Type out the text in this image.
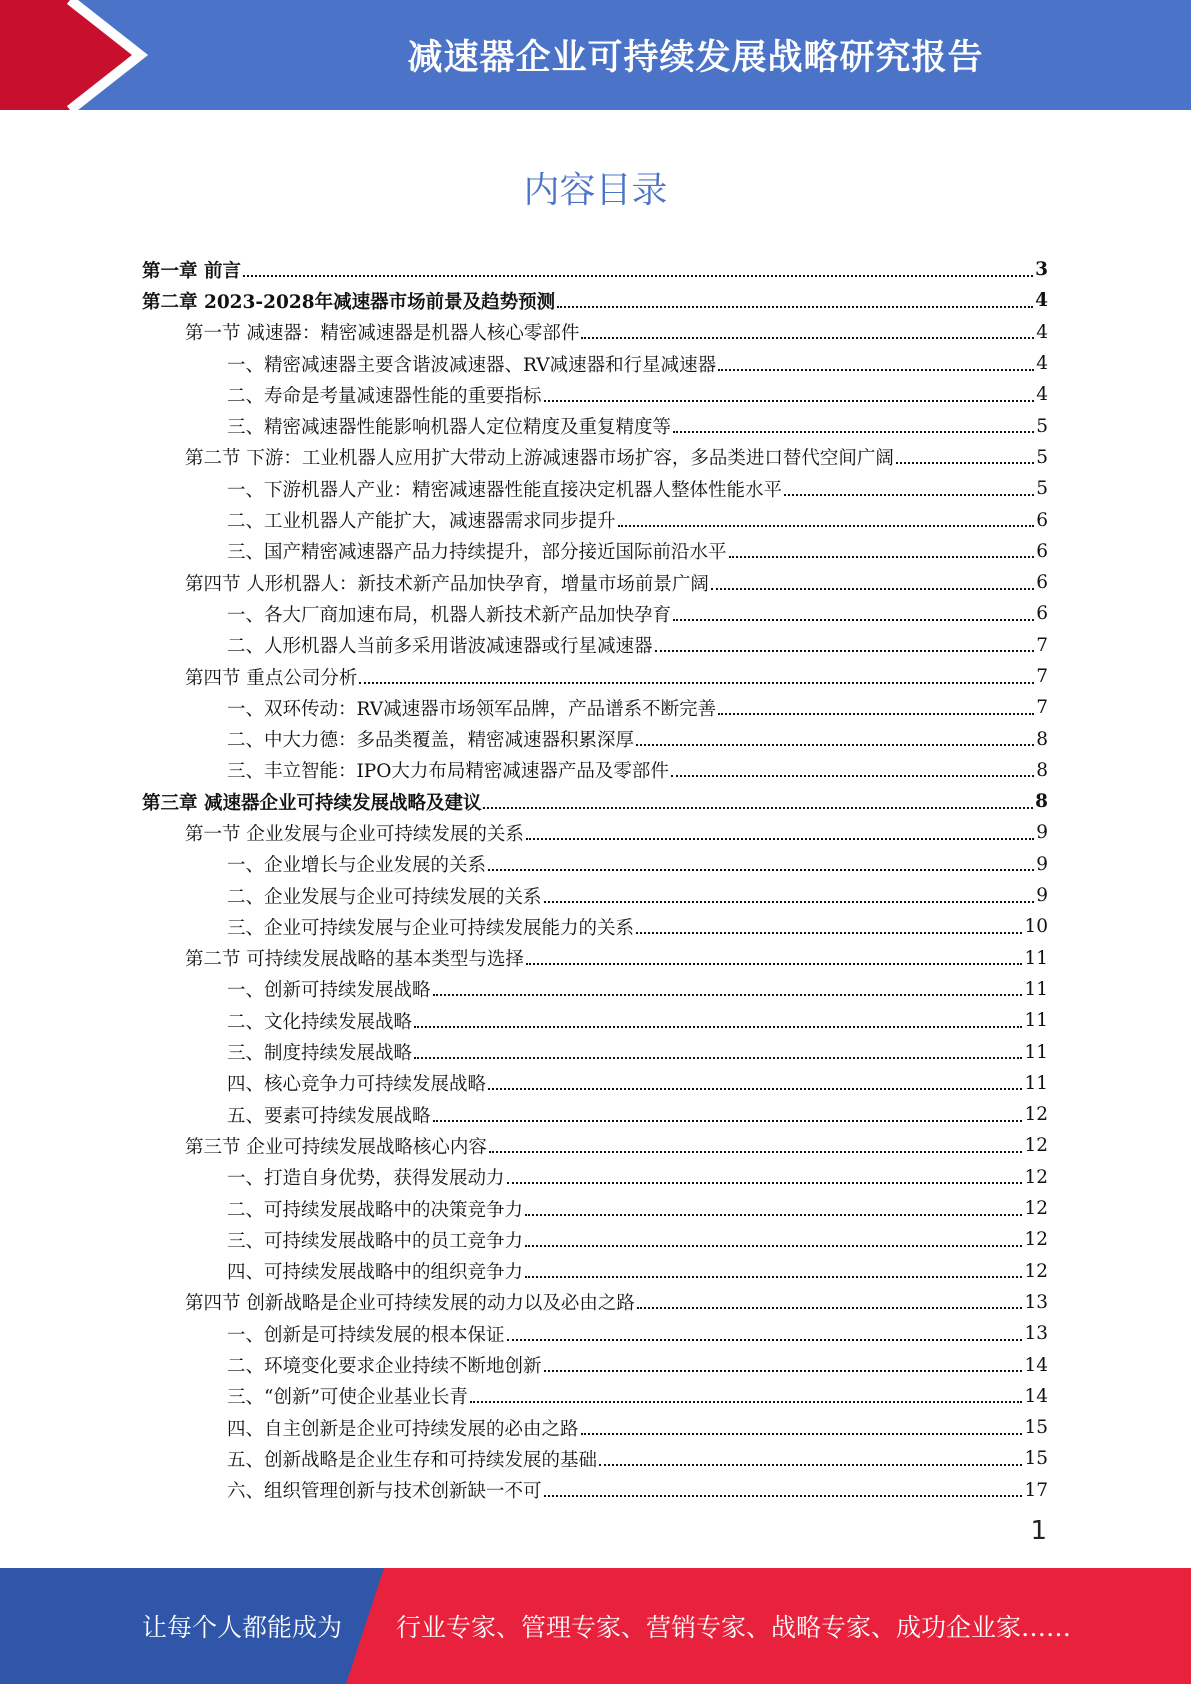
减速器企业可持续发展战略研究报告
内容目录
第一章 前言	3
第二章 2023-2028年减速器市场前景及趋势预测	4
第一节 减速器：精密减速器是机器人核心零部件	4
一、精密减速器主要含谐波减速器、RV减速器和行星减速器	4
二、寿命是考量减速器性能的重要指标	4
三、精密减速器性能影响机器人定位精度及重复精度等	5
第二节 下游：工业机器人应用扩大带动上游减速器市场扩容，多品类进口替代空间广阔	5
一、下游机器人产业：精密减速器性能直接决定机器人整体性能水平	5
二、工业机器人产能扩大，减速器需求同步提升	6
三、国产精密减速器产品力持续提升，部分接近国际前沿水平	6
第四节 人形机器人：新技术新产品加快孕育，增量市场前景广阔	6
一、各大厂商加速布局，机器人新技术新产品加快孕育	6
二、人形机器人当前多采用谐波减速器或行星减速器	7
第四节 重点公司分析	7
一、双环传动：RV减速器市场领军品牌，产品谱系不断完善	7
二、中大力德：多品类覆盖，精密减速器积累深厚	8
三、丰立智能：IPO大力布局精密减速器产品及零部件	8
第三章 减速器企业可持续发展战略及建议	8
第一节 企业发展与企业可持续发展的关系	9
一、企业增长与企业发展的关系	9
二、企业发展与企业可持续发展的关系	9
三、企业可持续发展与企业可持续发展能力的关系	10
第二节 可持续发展战略的基本类型与选择	11
一、创新可持续发展战略	11
二、文化持续发展战略	11
三、制度持续发展战略	11
四、核心竞争力可持续发展战略	11
五、要素可持续发展战略	12
第三节 企业可持续发展战略核心内容	12
一、打造自身优势，获得发展动力	12
二、可持续发展战略中的决策竞争力	12
三、可持续发展战略中的员工竞争力	12
四、可持续发展战略中的组织竞争力	12
第四节 创新战略是企业可持续发展的动力以及必由之路	13
一、创新是可持续发展的根本保证	13
二、环境变化要求企业持续不断地创新	14
三、“创新”可使企业基业长青	14
四、自主创新是企业可持续发展的必由之路	15
五、创新战略是企业生存和可持续发展的基础	15
六、组织管理创新与技术创新缺一不可	17
1
让每个人都能成为 行业专家、管理专家、营销专家、战略专家、成功企业家……
